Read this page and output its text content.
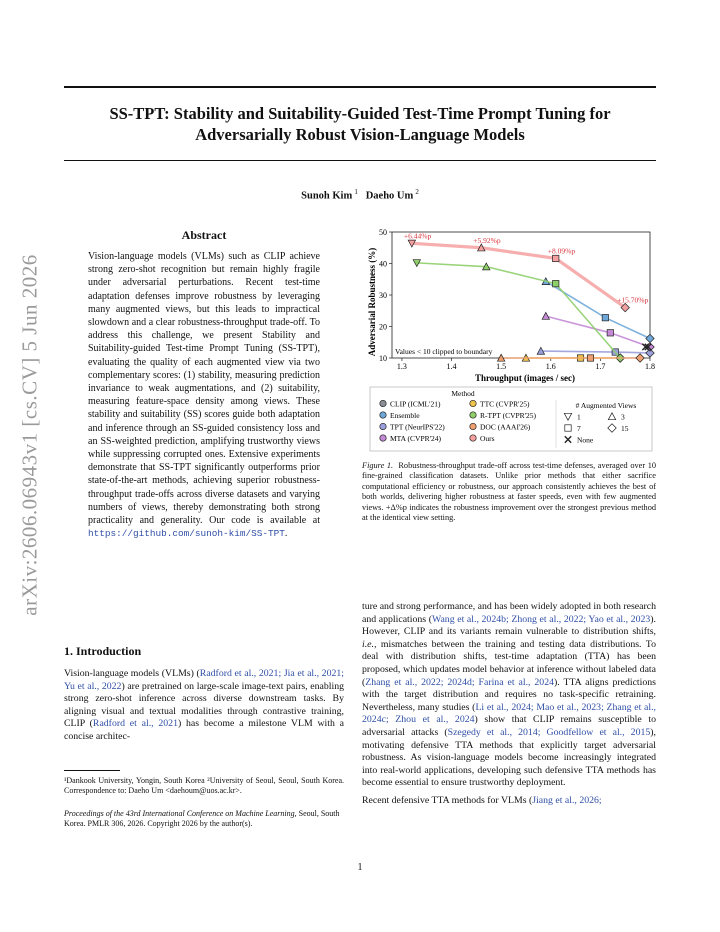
SS-TPT: Stability and Suitability-Guided Test-Time Prompt Tuning for
Adversarially Robust Vision-Language Models
Sunoh Kim  $^1$ Daeho Um  $^2$
arXiv:2606.06943v1 [cs.CV] 5 Jun 2026
Abstract
Vision-language models (VLMs) such as CLIP achieve strong zero-shot recognition but remain highly fragile under adversarial perturbations. Recent test-time adaptation defenses improve robustness by leveraging many augmented views, but this leads to impractical slowdown and a clear robustness-throughput trade-off. To address this challenge, we present Stability and Suitability-guided Test-time Prompt Tuning (SS-TPT), evaluating the quality of each augmented view via two complementary scores: (1) stability, measuring prediction invariance to weak augmentations, and (2) suitability, measuring feature-space density among views. These stability and suitability (SS) scores guide both adaptation and inference through an SS-guided consistency loss and an SS-weighted prediction, amplifying trustworthy views while suppressing corrupted ones. Extensive experiments demonstrate that SS-TPT significantly outperforms prior state-of-the-art methods, achieving superior robustness-throughput trade-offs across diverse datasets and varying numbers of views, thereby demonstrating both strong practicality and generality. Our code is available at https://github.com/sunoh-kim/SS-TPT.
1. Introduction
Vision-language models (VLMs) (Radford et al., 2021; Jia et al., 2021; Yu et al., 2022) are pretrained on large-scale image-text pairs, enabling strong zero-shot inference across diverse downstream tasks. By aligning visual and textual modalities through contrastive training, CLIP (Radford et al., 2021) has become a milestone VLM with a concise architec-
¹Dankook University, Yongin, South Korea ²University of Seoul, Seoul, South Korea. Correspondence to: Daeho Um <daehoum@uos.ac.kr>.
Proceedings of the 43rd International Conference on Machine Learning, Seoul, South Korea. PMLR 306, 2026. Copyright 2026 by the author(s).
1.3	1.4	1.5	1.6	1.7	1.8
10
20
30
40
50 +6.44%p	+5.92%p
+8.09%p
+15.70%p
Adversarial Robustness (%)
Throughput (images / sec)
Values < 10 clipped to boundary
Method
# Augmented Views
CLIP (ICML'21)
Ensemble
TPT (NeurIPS'22)
MTA (CVPR'24)
TTC (CVPR'25)
R-TPT (CVPR'25)
DOC (AAAI'26)
Ours
1	3
7	15
None
Figure 1. Robustness-throughput trade-off across test-time defenses, averaged over 10 fine-grained classification datasets. Unlike prior methods that either sacrifice computational efficiency or robustness, our approach consistently achieves the best of both worlds, delivering higher robustness at faster speeds, even with few augmented views. +Δ%p indicates the robustness improvement over the strongest previous method at the identical view setting.
ture and strong performance, and has been widely adopted in both research and applications (Wang et al., 2024b; Zhong et al., 2022; Yao et al., 2023). However, CLIP and its variants remain vulnerable to distribution shifts, i.e., mismatches between the training and testing data distributions. To deal with distribution shifts, test-time adaptation (TTA) has been proposed, which updates model behavior at inference without labeled data (Zhang et al., 2022; 2024d; Farina et al., 2024). TTA aligns predictions with the target distribution and requires no task-specific retraining. Nevertheless, many studies (Li et al., 2024; Mao et al., 2023; Zhang et al., 2024c; Zhou et al., 2024) show that CLIP remains susceptible to adversarial attacks (Szegedy et al., 2014; Goodfellow et al., 2015), motivating defensive TTA methods that explicitly target adversarial robustness. As vision-language models become increasingly integrated into real-world applications, developing such defensive TTA methods has become essential to ensure trustworthy deployment.
Recent defensive TTA methods for VLMs (Jiang et al., 2026;
1
